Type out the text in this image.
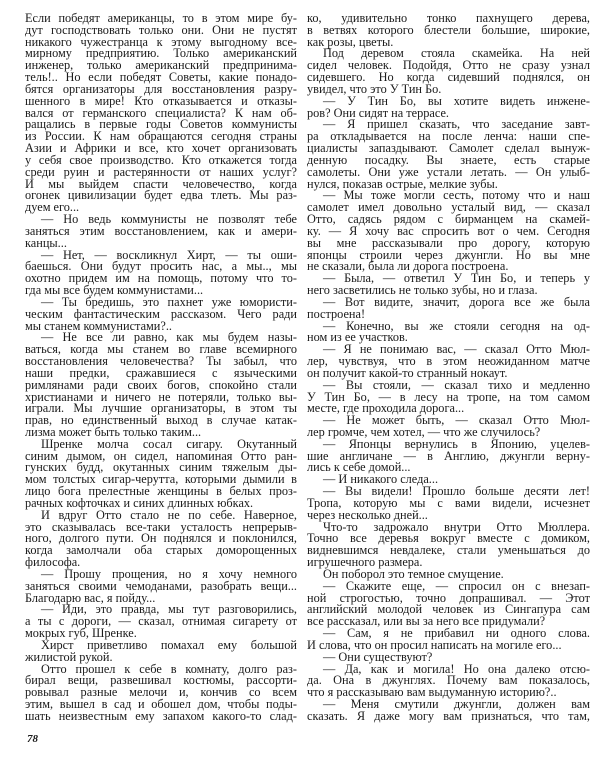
Если победят американцы, то в этом мире бу-
дут господствовать только они. Они не пустят
никакого чужестранца к этому выгодному все-
мирному предприятию. Только американский
инженер, только американский предпринима-
тель!.. Но если победят Советы, какие понадо-
бятся организаторы для восстановления разру-
шенного в мире! Кто отказывается и отказы-
вался от германского специалиста? К нам об-
ращались в первые годы Советов коммунисты
из России. К нам обращаются сегодня страны
Азии и Африки и все, кто хочет организовать
у себя свое производство. Кто откажется тогда
среди руин и растерянности от наших услуг?
И мы выйдем спасти человечество, когда
огонек цивилизации будет едва тлеть. Мы раз-
дуем его...
— Но ведь коммунисты не позволят тебе
заняться этим восстановлением, как и амери-
канцы...
— Нет, — воскликнул Хирт, — ты оши-
баешься. Они будут просить нас, а мы.., мы
охотно придем им на помощь, потому что то-
гда мы все будем коммунистами...
— Ты бредишь, это пахнет уже юмористи-
ческим фантастическим рассказом. Чего ради
мы станем коммунистами?..
— Не все ли равно, как мы будем назы-
ваться, когда мы станем во главе всемирного
восстановления человечества? Ты забыл, что
наши предки, сражавшиеся с языческими
римлянами ради своих богов, спокойно стали
христианами и ничего не потеряли, только вы-
играли. Мы лучшие организаторы, в этом ты
прав, но единственный выход в случае катак-
лизма может быть только таким...
Шренке молча сосал сигару. Окутанный
синим дымом, он сидел, напоминая Отто ран-
гунских будд, окутанных синим тяжелым ды-
мом толстых сигар-черутта, которыми дымили в
лицо бога прелестные женщины в белых проз-
рачных кофточках и синих длинных юбках.
И вдруг Отто стало не по себе. Наверное,
это сказывалась все-таки усталость непрерыв-
ного, долгого пути. Он поднялся и поклонился,
когда замолчали оба старых доморощенных
философа.
— Прошу прощения, но я хочу немного
заняться своими чемоданами, разобрать вещи...
Благодарю вас, я пойду...
— Иди, это правда, мы тут разговорились,
а ты с дороги, — сказал, отнимая сигарету от
мокрых губ, Шренке.
Хирст приветливо помахал ему большой
жилистой рукой.
Отто прошел к себе в комнату, долго раз-
бирал вещи, развешивал костюмы, рассорти-
ровывал разные мелочи и, кончив со всем
этим, вышел в сад и обошел дом, чтобы поды-
шать неизвестным ему запахом какого-то слад-
ко, удивительно тонко пахнущего дерева,
в ветвях которого блестели большие, широкие,
как розы, цветы.
Под деревом стояла скамейка. На ней
сидел человек. Подойдя, Отто не сразу узнал
сидевшего. Но когда сидевший поднялся, он
увидел, что это У Тин Бо.
— У Тин Бо, вы хотите видеть инжене-
ров? Они сидят на террасе.
— Я пришел сказать, что заседание завт-
ра откладывается на после ленча: наши спе-
циалисты запаздывают. Самолет сделал вынуж-
денную посадку. Вы знаете, есть старые
самолеты. Они уже устали летать. — Он улыб-
нулся, показав острые, мелкие зубы.
— Мы тоже могли сесть, потому что и наш
самолет имел довольно усталый вид, — сказал
Отто, садясь рядом с бирманцем на скамей-
ку. — Я хочу вас спросить вот о чем. Сегодня
вы мне рассказывали про дорогу, которую
японцы строили через джунгли. Но вы мне
не сказали, была ли дорога построена.
— Была, — ответил У Тин Бо, и теперь у
него засветились не только зубы, но и глаза.
— Вот видите, значит, дорога все же была
построена!
— Конечно, вы же стояли сегодня на од-
ном из ее участков.
— Я не понимаю вас, — сказал Отто Мюл-
лер, чувствуя, что в этом неожиданном матче
он получит какой-то странный нокаут.
— Вы стояли, — сказал тихо и медленно
У Тин Бо, — в лесу на тропе, на том самом
месте, где проходила дорога...
— Не может быть, — сказал Отто Мюл-
лер громче, чем хотел, — что же случилось?
— Японцы вернулись в Японию, уцелев-
шие англичане — в Англию, джунгли верну-
лись к себе домой...
— И никакого следа...
— Вы видели! Прошло больше десяти лет!
Тропа, которую мы с вами видели, исчезнет
через несколько дней...
Что-то задрожало внутри Отто Мюллера.
Точно все деревья вокруг вместе с домиком,
видневшимся невдалеке, стали уменьшаться до
игрушечного размера.
Он поборол это темное смущение.
— Скажите еще, — спросил он с внезап-
ной строгостью, точно допрашивал. — Этот
английский молодой человек из Сингапура сам
все рассказал, или вы за него все придумали?
— Сам, я не прибавил ни одного слова.
И слова, что он просил написать на могиле его...
— Они существуют?
— Да, как и могила! Но она далеко отсю-
да. Она в джунглях. Почему вам показалось,
что я рассказываю вам выдуманную историю?..
— Меня смутили джунгли, должен вам
сказать. Я даже могу вам признаться, что там,
78
